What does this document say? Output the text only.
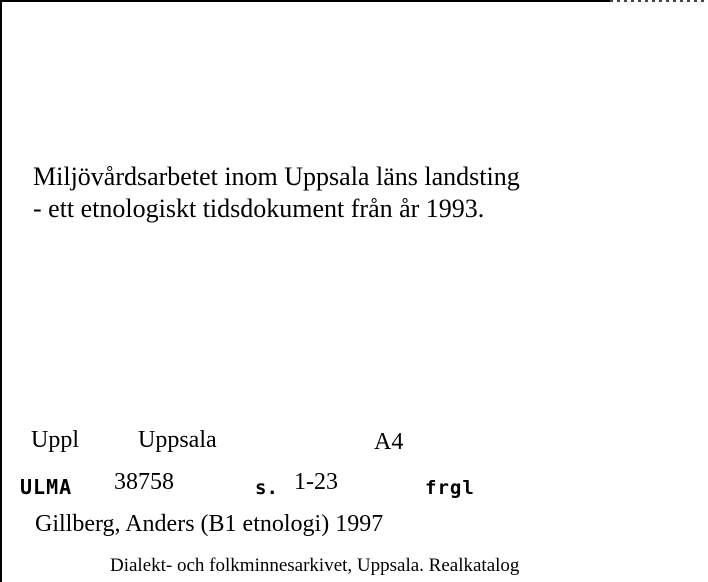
Miljövårdsarbetet inom Uppsala läns landsting
- ett etnologiskt tidsdokument från år 1993.
Uppl Uppsala	A4
ULMA 38758	s. 1-23	frgl
Gillberg, Anders (B1 etnologi) 1997
Dialekt- och folkminnesarkivet, Uppsala. Realkatalog
